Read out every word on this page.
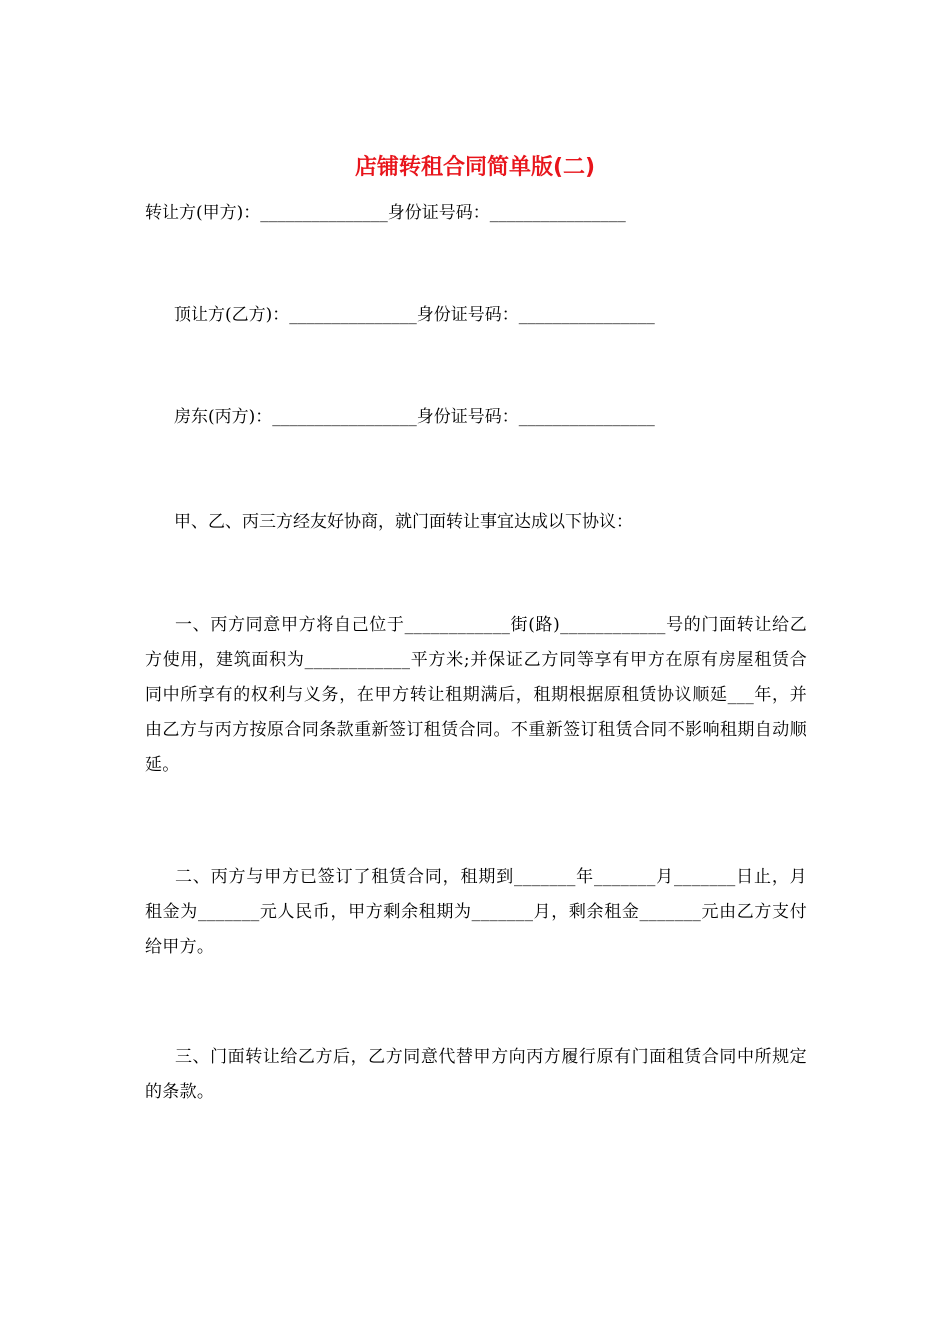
店铺转租合同简单版(二)
转让方(甲方)：_______________身份证号码：________________
顶让方(乙方)：_______________身份证号码：________________
房东(丙方)：_________________身份证号码：________________
甲、乙、丙三方经友好协商，就门面转让事宜达成以下协议：
一、丙方同意甲方将自己位于____________街(路)____________号的门面转让给乙方使用，建筑面积为____________平方米;并保证乙方同等享有甲方在原有房屋租赁合同中所享有的权利与义务，在甲方转让租期满后，租期根据原租赁协议顺延___年，并由乙方与丙方按原合同条款重新签订租赁合同。不重新签订租赁合同不影响租期自动顺延。
二、丙方与甲方已签订了租赁合同，租期到_______年_______月_______日止，月租金为_______元人民币，甲方剩余租期为_______月，剩余租金_______元由乙方支付给甲方。
三、门面转让给乙方后，乙方同意代替甲方向丙方履行原有门面租赁合同中所规定的条款。
